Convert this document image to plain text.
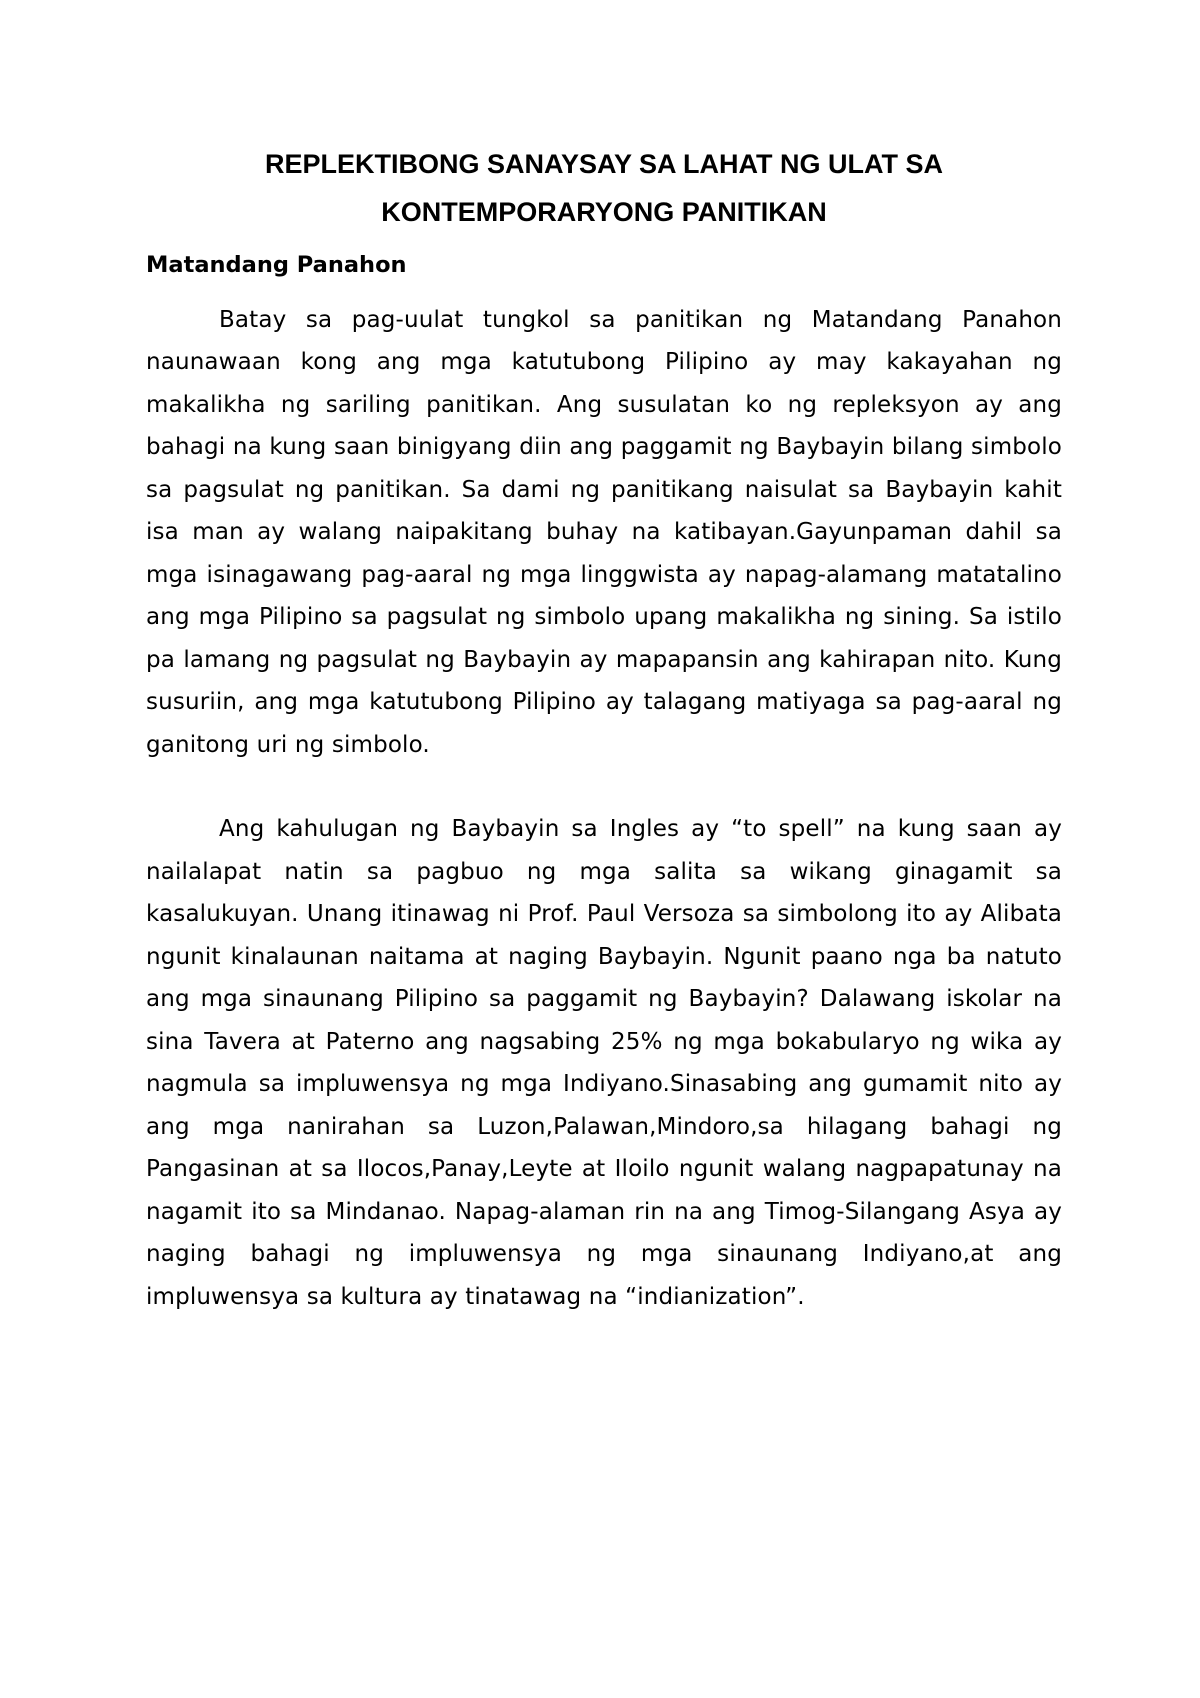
REPLEKTIBONG SANAYSAY SA LAHAT NG ULAT SA
KONTEMPORARYONG PANITIKAN
Matandang Panahon

Batay sa pag-uulat tungkol sa panitikan ng Matandang Panahon naunawaan kong ang mga katutubong Pilipino ay may kakayahan ng makalikha ng sariling panitikan. Ang susulatan ko ng repleksyon ay ang bahagi na kung saan binigyang diin ang paggamit ng Baybayin bilang simbolo sa pagsulat ng panitikan. Sa dami ng panitikang naisulat sa Baybayin kahit isa man ay walang naipakitang buhay na katibayan.Gayunpaman dahil sa mga isinagawang pag-aaral ng mga linggwista ay napag-alamang matatalino ang mga Pilipino sa pagsulat ng simbolo upang makalikha ng sining. Sa istilo pa lamang ng pagsulat ng Baybayin ay mapapansin ang kahirapan nito. Kung susuriin, ang mga katutubong Pilipino ay talagang matiyaga sa pag-aaral ng ganitong uri ng simbolo.

Ang kahulugan ng Baybayin sa Ingles ay “to spell” na kung saan ay nailalapat natin sa pagbuo ng mga salita sa wikang ginagamit sa kasalukuyan. Unang itinawag ni Prof. Paul Versoza sa simbolong ito ay Alibata ngunit kinalaunan naitama at naging Baybayin. Ngunit paano nga ba natuto ang mga sinaunang Pilipino sa paggamit ng Baybayin? Dalawang iskolar na sina Tavera at Paterno ang nagsabing 25% ng mga bokabularyo ng wika ay nagmula sa impluwensya ng mga Indiyano.Sinasabing ang gumamit nito ay ang mga nanirahan sa Luzon,Palawan,Mindoro,sa hilagang bahagi ng Pangasinan at sa Ilocos,Panay,Leyte at Iloilo ngunit walang nagpapatunay na nagamit ito sa Mindanao. Napag-alaman rin na ang Timog-Silangang Asya ay naging bahagi ng impluwensya ng mga sinaunang Indiyano,at ang impluwensya sa kultura ay tinatawag na “indianization”.
